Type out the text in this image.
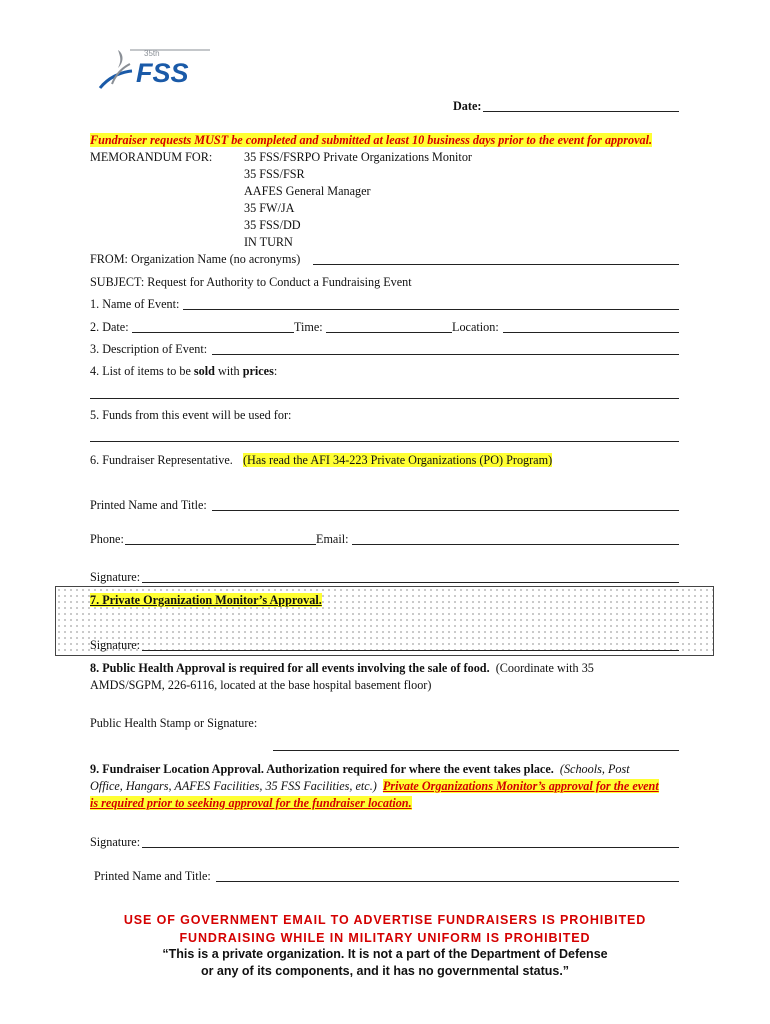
35th
FSS
Date:
Fundraiser requests MUST be completed and submitted at least 10 business days prior to the event for approval.
MEMORANDUM FOR:	35 FSS/FSRPO Private Organizations Monitor
35 FSS/FSR
AAFES General Manager
35 FW/JA
35 FSS/DD
IN TURN
FROM: Organization Name (no acronyms)
SUBJECT: Request for Authority to Conduct a Fundraising Event
1. Name of Event:
2. Date:	Time:	Location:
3. Description of Event:
4. List of items to be sold with prices:
5. Funds from this event will be used for:
6. Fundraiser Representative. (Has read the AFI 34-223 Private Organizations (PO) Program)
Printed Name and Title:
Phone:	Email:
Signature:
7. Private Organization Monitor’s Approval.
Signature:
8. Public Health Approval is required for all events involving the sale of food. (Coordinate with 35
AMDS/SGPM, 226-6116, located at the base hospital basement floor)
Public Health Stamp or Signature:
9. Fundraiser Location Approval. Authorization required for where the event takes place. (Schools, Post
Office, Hangars, AAFES Facilities, 35 FSS Facilities, etc.) Private Organizations Monitor’s approval for the event
is required prior to seeking approval for the fundraiser location.
Signature:
Printed Name and Title:
USE OF GOVERNMENT EMAIL TO ADVERTISE FUNDRAISERS IS PROHIBITED
FUNDRAISING WHILE IN MILITARY UNIFORM IS PROHIBITED
“This is a private organization. It is not a part of the Department of Defense
or any of its components, and it has no governmental status.”
